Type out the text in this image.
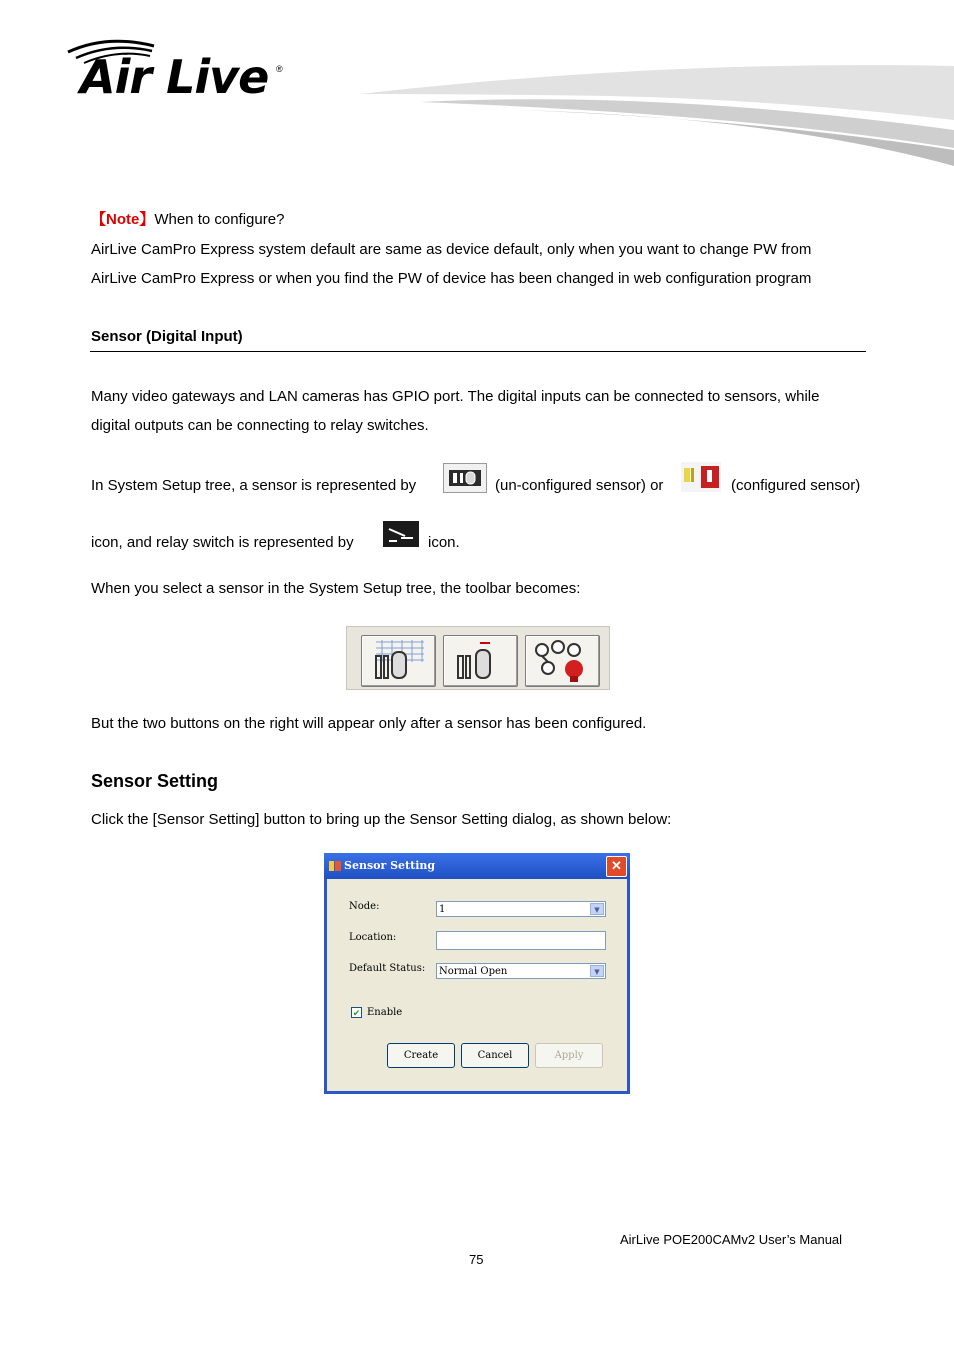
Air Live ®
【Note】When to configure?
AirLive CamPro Express system default are same as device default, only when you want to change PW from
AirLive CamPro Express or when you find the PW of device has been changed in web configuration program
Sensor (Digital Input)
Many video gateways and LAN cameras has GPIO port. The digital inputs can be connected to sensors, while
digital outputs can be connecting to relay switches.
In System Setup tree, a sensor is represented by	(un-configured sensor) or	(configured sensor)
icon, and relay switch is represented by	icon.
When you select a sensor in the System Setup tree, the toolbar becomes:
But the two buttons on the right will appear only after a sensor has been configured.
Sensor Setting
Click the [Sensor Setting] button to bring up the Sensor Setting dialog, as shown below:
Sensor Setting	✕
Node:	1	▼
Location:
Default Status:	Normal Open	▼
✔ Enable
Create	Cancel	Apply
AirLive POE200CAMv2 User’s Manual
75
